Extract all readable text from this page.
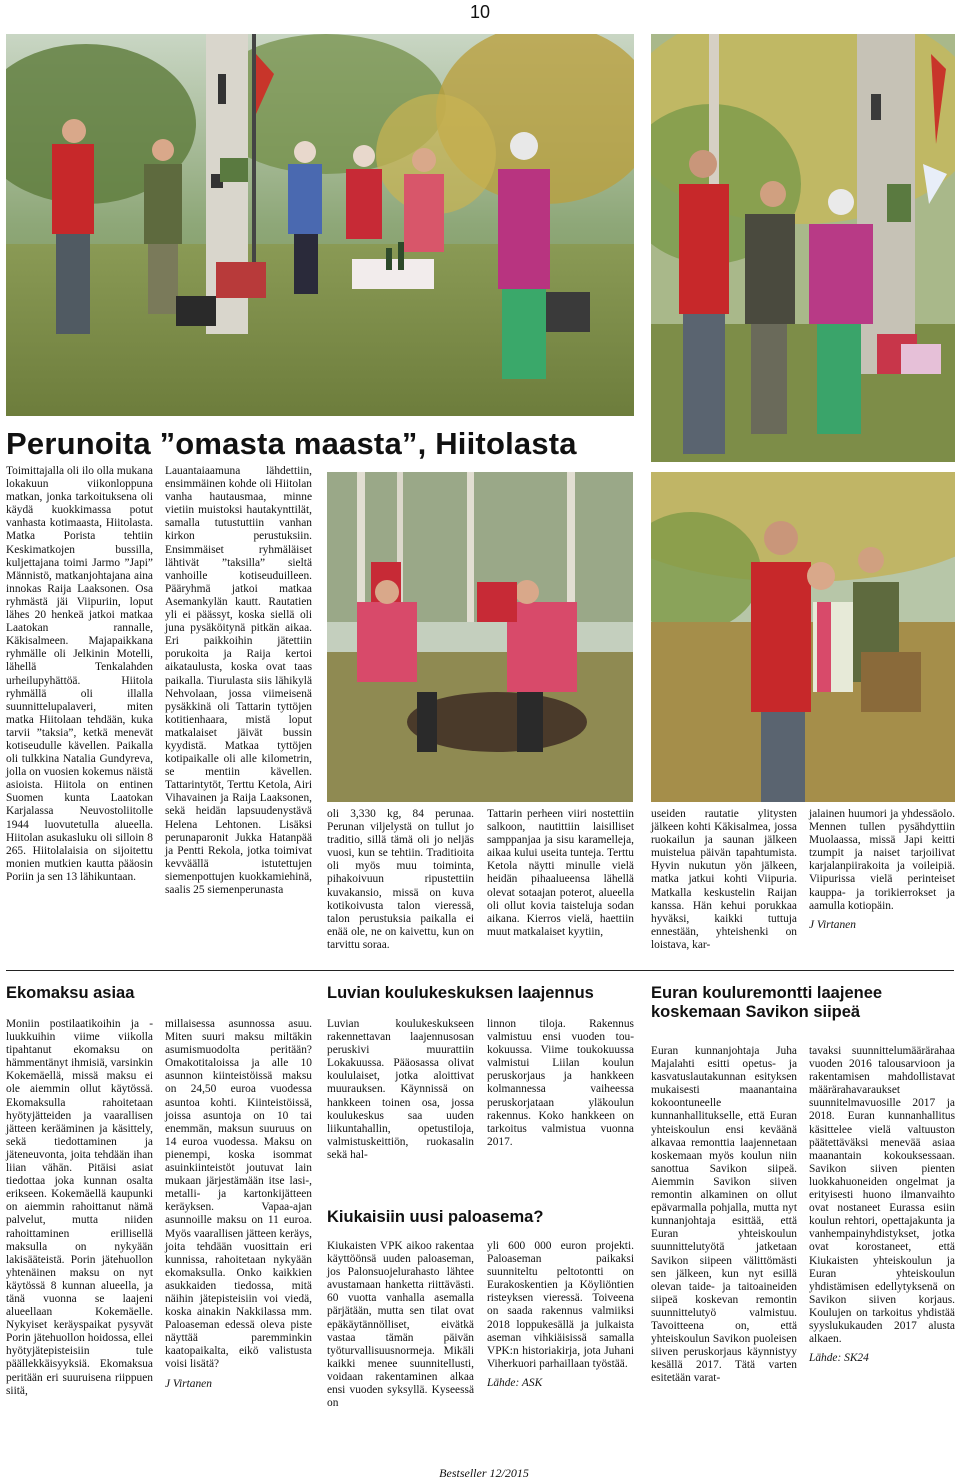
10
Perunoita ”omasta maasta”, Hiitolasta

Toimittajalla oli ilo olla mukana lokakuun viikonloppuna matkan, jonka tarkoituksena oli käydä kuokkimassa potut vanhasta kotimaasta, Hiitolasta. Matka Porista tehtiin Keskimatkojen bussilla, kuljettajana toimi Jarmo ”Japi” Männistö, matkanjohtajana aina innokas Raija Laaksonen. Osa ryhmästä jäi Viipuriin, loput lähes 20 henkeä jatkoi matkaa Laatokan rannalle, Käkisalmeen. Majapaikkana ryhmälle oli Jelkinin Motelli, lähellä Tenkalahden urheilupyhättöä. Hiitola ryhmällä oli illalla suunnittelupalaveri, miten matka Hiitolaan tehdään, kuka tarvii ”taksia”, ketkä menevät kotiseudulle kävellen. Paikalla oli tulkkina Natalia Gundyreva, jolla on vuosien kokemus näistä asioista. Hiitola on entinen Suomen kunta Laatokan Karjalassa Neuvostoliitolle 1944 luovutetulla alueella. Hiitolan asukasluku oli silloin 8 265. Hiitolalaisia on sijoitettu monien mutkien kautta pääosin Poriin ja sen 13 lähikuntaan.

Lauantaiaamuna lähdettiin, ensimmäinen kohde oli Hiitolan vanha hautausmaa, minne vietiin muistoksi hautakynttilät, samalla tutustuttiin vanhan kirkon perustuksiin. Ensimmäiset ryhmäläiset lähtivät ”taksilla” sieltä vanhoille kotiseuduilleen. Pääryhmä jatkoi matkaa Asemankylän kautt. Rautatien yli ei päässyt, koska siellä oli juna pysäköitynä pitkän aikaa. Eri paikkoihin jätettiin porukoita ja Raija kertoi aikataulusta, koska ovat taas paikalla. Tiurulasta siis lähikylä Nehvolaan, jossa viimeisenä pysäkkinä oli Tattarin tyttöjen kotitienhaara, mistä loput matkalaiset jäivät bussin kyydistä. Matkaa tyttöjen kotipaikalle oli alle kilometrin, se mentiin kävellen. Tattarintytöt, Terttu Ketola, Airi Vihavainen ja Raija Laaksonen, sekä heidän lapsuudenystävä Helena Lehtonen. Lisäksi perunaparonit Jukka Hatanpää ja Pentti Rekola, jotka toimivat kevväällä istutettujen siemenpottujen kuokkamiehinä, saalis 25 siemenperunasta

oli 3,330 kg, 84 perunaa. Perunan viljelystä on tullut jo traditio, sillä tämä oli jo neljäs vuosi, kun se tehtiin. Traditioita oli myös muu toiminta, pihakoivuun ripustettiin kuvakansio, missä on kuva kotikoivusta talon vieressä, talon perustuksia paikalla ei enää ole, ne on kaivettu, kun on tarvittu soraa.

Tattarin perheen viiri nostettiin salkoon, nautittiin laisilliset samppanjaa ja sisu karamelleja, aikaa kului useita tunteja. Terttu Ketola näytti minulle vielä heidän pihaalueensa lähellä olevat sotaajan poterot, alueella oli ollut kovia taisteluja sodan aikana. Kierros vielä, haettiin muut matkalaiset kyytiin,

useiden rautatie ylitysten jälkeen kohti Käkisalmea, jossa ruokailun ja saunan jälkeen muistelua päivän tapahtumista. Hyvin nukutun yön jälkeen, matka jatkui kohti Viipuria. Matkalla keskustelin Raijan kanssa. Hän kehui porukkaa hyväksi, kaikki tuttuja ennestään, yhteishenki on loistava, kar-

jalainen huumori ja yhdessäolo. Mennen tullen pysähdyttiin Muolaassa, missä Japi keitti tzumpit ja naiset tarjoilivat karjalanpiirakoita ja voileipiä. Viipurissa vielä perinteiset kauppa- ja torikierrokset ja aamulla kotiopäin.

J Virtanen

Ekomaksu asiaa

Moniin postilaatikoihin ja -luukkuihin viime viikolla tipahtanut ekomaksu on hämmentänyt ihmisiä, varsinkin Kokemäellä, missä maksu ei ole aiemmin ollut käytössä. Ekomaksulla rahoitetaan hyötyjätteiden ja vaarallisen jätteen kerääminen ja käsittely, sekä tiedottaminen ja jäteneuvonta, joita tehdään ihan liian vähän. Pitäisi asiat tiedottaa joka kunnan osalta erikseen. Kokemäellä kaupunki on aiemmin rahoittanut nämä palvelut, mutta niiden rahoittaminen erillisellä maksulla on nykyään lakisääteistä. Porin jätehuollon yhtenäinen maksu on nyt käytössä 8 kunnan alueella, ja tänä vuonna se laajeni alueellaan Kokemäelle. Nykyiset keräyspaikat pysyvät Porin jätehuollon hoidossa, ellei hyötyjätepisteisiin tule päällekkäisyyksiä. Ekomaksua peritään eri suuruisena riippuen siitä,

millaisessa asunnossa asuu. Miten suuri maksu miltäkin asumismuodolta peritään? Omakotitaloissa ja alle 10 asunnon kiinteistöissä maksu on 24,50 euroa vuodessa asuntoa kohti. Kiinteistöissä, joissa asuntoja on 10 tai enemmän, maksun suuruus on 14 euroa vuodessa. Maksu on pienempi, koska isommat asuinkiinteistöt joutuvat lain mukaan järjestämään itse lasi-, metalli- ja kartonkijätteen keräyksen. Vapaa-ajan asunnoille maksu on 11 euroa. Myös vaarallisen jätteen keräys, joita tehdään vuosittain eri kunnissa, rahoitetaan nykyään ekomaksulla. Onko kaikkien asukkaiden tiedossa, mitä näihin jätepisteisiin voi viedä, koska ainakin Nakkilassa mm. Paloaseman edessä oleva piste näyttää paremminkin kaatopaikalta, eikö valistusta voisi lisätä?

J Virtanen

Luvian koulukeskuksen laajennus

Luvian koulukeskukseen rakennettavan laajennusosan peruskivi muurattiin Lokakuussa. Pääosassa olivat koululaiset, jotka aloittivat muurauksen. Käynnissä on hankkeen toinen osa, jossa koulukeskus saa uuden liikuntahallin, opetustiloja, valmistuskeittiön, ruokasalin sekä hal-

linnon tiloja. Rakennus valmistuu ensi vuoden tou-kokuussa. Viime toukokuussa valmistui Liilan koulun peruskorjaus ja hankkeen kolmannessa vaiheessa peruskorjataan yläkoulun rakennus. Koko hankkeen on tarkoitus valmistua vuonna 2017.

Kiukaisiin uusi paloasema?

Kiukaisten VPK aikoo rakentaa käyttöönsä uuden paloaseman, jos Palonsuojelurahasto lähtee avustamaan hanketta riittävästi. 60 vuotta vanhalla asemalla pärjätään, mutta sen tilat ovat epäkäytännölliset, eivätkä vastaa tämän päivän työturvallisuusnormeja. Mikäli kaikki menee suunnitellusti, voidaan rakentaminen alkaa ensi vuoden syksyllä. Kyseessä on

yli 600 000 euron projekti. Paloaseman paikaksi suunniteltu peltotontti on Eurakoskentien ja Köyliöntien risteyksen vieressä. Toiveena on saada rakennus valmiiksi 2018 loppukesällä ja julkaista aseman vihkiäisissä samalla VPK:n historiakirja, jota Juhani Viherkuori parhaillaan työstää.

Lähde: ASK

Euran kouluremontti laajenee koskemaan Savikon siipeä

Euran kunnanjohtaja Juha Majalahti esitti opetus- ja kasvatuslautakunnan esityksen mukaisesti maanantaina kokoontuneelle kunnanhallitukselle, että Euran yhteiskoulun ensi keväänä alkavaa remonttia laajennetaan koskemaan myös koulun niin sanottua Savikon siipeä. Aiemmin Savikon siiven remontin alkaminen on ollut epävarmalla pohjalla, mutta nyt kunnanjohtaja esittää, että Euran yhteiskoulun suunnittelutyötä jatketaan Savikon siipeen välittömästi sen jälkeen, kun nyt esillä olevan taide- ja taitoaineiden siipeä koskevan remontin suunnittelutyö valmistuu. Tavoitteena on, että yhteiskoulun Savikon puoleisen siiven peruskorjaus käynnistyy kesällä 2017. Tätä varten esitetään varat-

tavaksi suunnittelumäärärahaa vuoden 2016 talousarvioon ja rakentamisen mahdollistavat määrärahavaraukset suunnitelmavuosille 2017 ja 2018. Euran kunnanhallitus käsittelee vielä valtuuston päätettäväksi menevää asiaa maanantain kokouksessaan. Savikon siiven pienten luokkahuoneiden ongelmat ja erityisesti huono ilmanvaihto ovat nostaneet Eurassa esiin koulun rehtori, opettajakunta ja vanhempainyhdistykset, jotka ovat korostaneet, että Kiukaisten yhteiskoulun ja Euran yhteiskoulun yhdistämisen edellytyksenä on Savikon siiven korjaus. Koulujen on tarkoitus yhdistää syyslukukauden 2017 alusta alkaen.

Lähde: SK24

Bestseller 12/2015
